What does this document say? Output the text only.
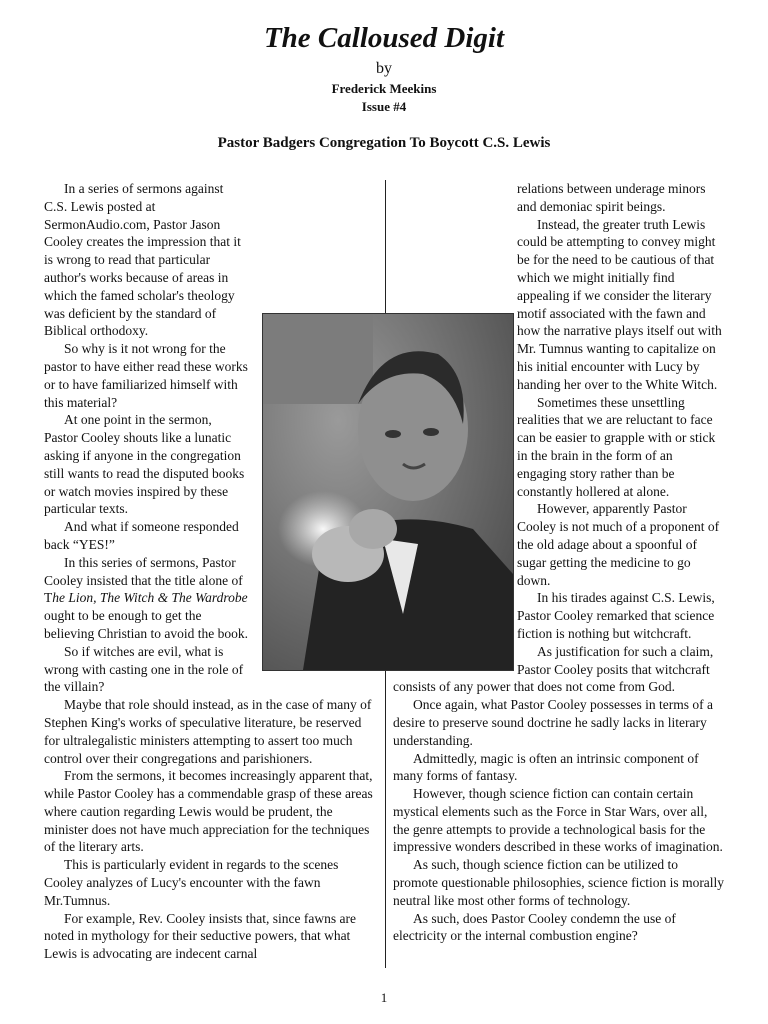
The Calloused Digit
by
Frederick Meekins
Issue #4
Pastor Badgers Congregation To Boycott C.S. Lewis

In a series of sermons against C.S. Lewis posted at SermonAudio.com, Pastor Jason Cooley creates the impression that it is wrong to read that particular author's works because of areas in which the famed scholar's theology was deficient by the standard of Biblical orthodoxy.

So why is it not wrong for the pastor to have either read these works or to have familiarized himself with this material?

At one point in the sermon, Pastor Cooley shouts like a lunatic asking if anyone in the congregation still wants to read the disputed books or watch movies inspired by these particular texts.

And what if someone responded back “YES!”

In this series of sermons, Pastor Cooley insisted that the title alone of The Lion, The Witch & The Wardrobe ought to be enough to get the believing Christian to avoid the book.

So if witches are evil, what is wrong with casting one in the role of the villain?

Maybe that role should instead, as in the case of many of Stephen King's works of speculative literature, be reserved for ultralegalistic ministers attempting to assert too much control over their congregations and parishioners.

From the sermons, it becomes increasingly apparent that, while Pastor Cooley has a commendable grasp of these areas where caution regarding Lewis would be prudent, the minister does not have much appreciation for the techniques of the literary arts.

This is particularly evident in regards to the scenes Cooley analyzes of Lucy's encounter with the fawn Mr.Tumnus.

For example, Rev. Cooley insists that, since fawns are noted in mythology for their seductive powers, that what Lewis is advocating are indecent carnal

relations between underage minors and demoniac spirit beings.

Instead, the greater truth Lewis could be attempting to convey might be for the need to be cautious of that which we might initially find appealing if we consider the literary motif associated with the fawn and how the narrative plays itself out with Mr. Tumnus wanting to capitalize on his initial encounter with Lucy by handing her over to the White Witch.

Sometimes these unsettling realities that we are reluctant to face can be easier to grapple with or stick in the brain in the form of an engaging story rather than be constantly hollered at alone.

However, apparently Pastor Cooley is not much of a proponent of the old adage about a spoonful of sugar getting the medicine to go down.

In his tirades against C.S. Lewis, Pastor Cooley remarked that science fiction is nothing but witchcraft.

As justification for such a claim, Pastor Cooley posits that witchcraft consists of any power that does not come from God.

Once again, what Pastor Cooley possesses in terms of a desire to preserve sound doctrine he sadly lacks in literary understanding.

Admittedly, magic is often an intrinsic component of many forms of fantasy.

However, though science fiction can contain certain mystical elements such as the Force in Star Wars, over all, the genre attempts to provide a technological basis for the impressive wonders described in these works of imagination.

As such, though science fiction can be utilized to promote questionable philosophies, science fiction is morally neutral like most other forms of technology.

As such, does Pastor Cooley condemn the use of electricity or the internal combustion engine?

1
